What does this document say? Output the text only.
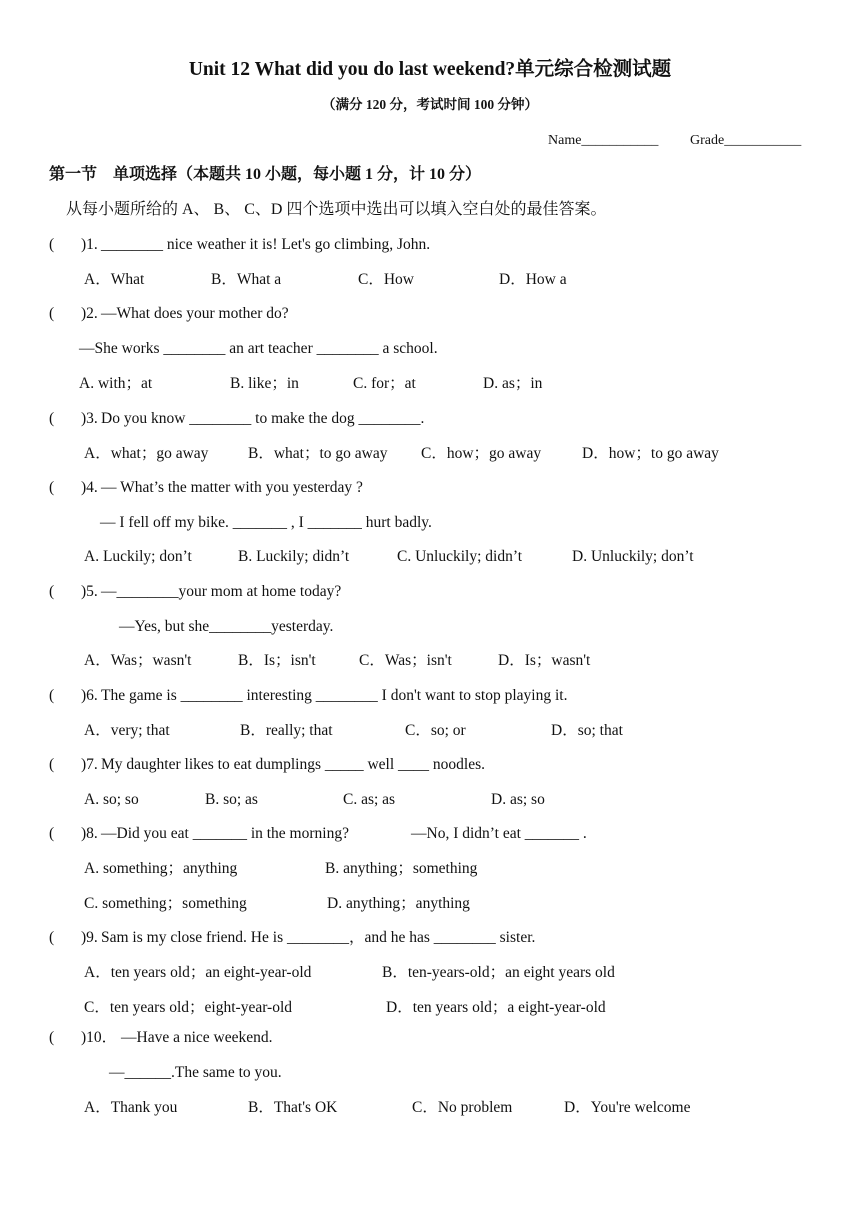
Unit 12 What did you do last weekend?单元综合检测试题
（满分 120 分，考试时间 100 分钟）
Name___________ Grade___________
第一节　单项选择（本题共 10 小题，每小题 1 分，计 10 分）
从每小题所给的 A、 B、 C、D 四个选项中选出可以填入空白处的最佳答案。
( )1. ________ nice weather it is! Let's go climbing, John.
A．What	B．What a	C．How	D．How a
( )2. —What does your mother do?
—She works ________ an art teacher ________ a school.
A. with；at	B. like；in	C. for；at	D. as；in
( )3. Do you know ________ to make the dog ________.
A．what；go away	B．what；to go away C．how；go away	D．how；to go away
( )4. — What’s the matter with you yesterday ?
— I fell off my bike. _______ , I _______ hurt badly.
A. Luckily; don’t	B. Luckily; didn’t	C. Unluckily; didn’t	D. Unluckily; don’t
( )5. —________your mom at home today?
—Yes, but she________yesterday.
A．Was；wasn't	B．Is；isn't	C．Was；isn't	D．Is；wasn't
( )6. The game is ________ interesting ________ I don't want to stop playing it.
A．very; that	B．really; that	C．so; or	D．so; that
( )7. My daughter likes to eat dumplings _____ well ____ noodles.
A. so; so	B. so; as	C. as; as	D. as; so
( )8. —Did you eat _______ in the morning?	—No, I didn’t eat _______ .
A. something；anything	B. anything；something
C. something；something	D. anything；anything
( )9. Sam is my close friend. He is ________，and he has ________ sister.
A．ten years old；an eight-year-old	B．ten-years-old；an eight years old
C．ten years old；eight-year-old	D．ten years old；a eight-year-old
( )10． —Have a nice weekend.
—______.The same to you.
A．Thank you	B．That's OK	C．No problem	D．You're welcome
